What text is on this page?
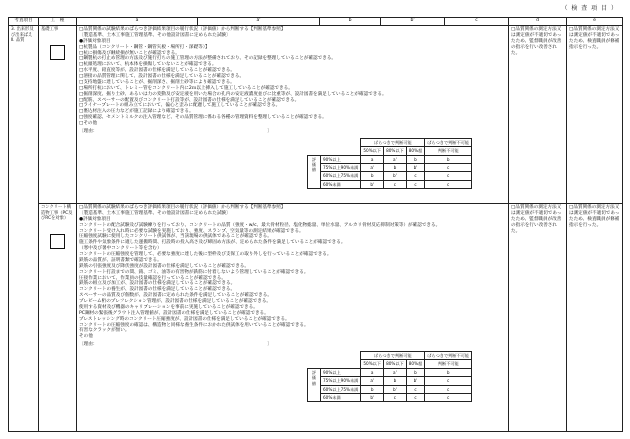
（ 検 査 項 目 ）
考査項目	工　種	a	a'	b	b'	c	d	e
3. 出来形及び出来ばえ　Ⅱ. 品質	基礎工事	□品質関係の試験結果のばらつき評価結果項目の履行状況（評価値）から判断する【判断基準参照】
〔製造基準、土木工事施工管理基準、その他設計図書に定められた試験〕
●評価対象項目
□杭製品（コンクリート・鋼管・鋼管矢板・場所打・深礎等）】
□杭に損傷及び継続損が無いことが確認できる。
□鋼製杭の打止め管理の方法及び施行打ちの施工管理の方法が整備されており、その記録を整理していることが確認できる。
□杭頭処理において、杭本体を損傷していないことが確認できる。
□水平度、鉛直度等が、設計図書の仕様を満足していることが確認できる。
□溶接の品質管理に関して、設計図書の仕様を満足していることが確認できる。
□支持地盤に達していることが、掘削深さ、掘削土砂等により確認できる。
□場所打杭において、トレミー管をコンクリート内に2ｍ以上挿入して施工していることが確認できる。
□掘削深度、掘り土砂、あるいは力の変動及び安定液を用いた場合の孔内の安定液濃度並びに比重等が、設計図書を満足していることが確認できる。
□配筋、スペーサーの配置及びコンクリート打設等が、設計図書の仕様を満足していることが確認できる。
□ライナープレートの組み立てにおいて、偏心と歪みに配慮して施工していることが確認できる。
□裏込材注入の圧力などが施工記録により確認できる。
□強度確認、セメントミルクの注入管理など、その品質管理に係わる各種の管理資料を整理していることが確認できる。
□その他
〔理由：	〕
		ばらつきで判断可能	ばらつきで判断不可能
		50%以下	80%以下	80%超	判断不可能
評価値	90%以上	a	a'	b	b
75%以上90%未満	a'	b	b'	c
60%以上75%未満	b	b'	c	c
60%未満	b'	c	c	c
	□品質関係の測定方法又は測定値が不適切であったため、監督職員が改善の指示を行い改善された。	□品質関係の測定方法又は測定値が不適切であったため、検査職員が修補指示を行った。
コンクリート構造物工事（PC及びRCを対象）

□品質関係の試験結果のばらつき評価結果項目の履行状況（評価値）から判断する【判断基準参照】
〔製造基準、土木工事施工管理基準、その他設計図書に定められた試験〕
●評価対象項目
コンクリートの配合試験及び試験練りを行っており、コンクリートの品質（強度・w/c、最大骨材粒径、塩化物総量、単位水量、アルカリ骨材反応抑制対策等）が確認できる。
コンクリート受け入れ時に必要な試験を実施しており、強度、スランプ、空気量等の測定結果が確認できる。
圧縮強度試験に使用したコンクリート供試体が、当該現場の供試体であることが確認できる。
施工条件や気象条件に適した運搬時間、打設時の投入高さ及び締固め方法が、定められた条件を満足していることが確認できる。
（寒中及び暑中コンクリート等を含む）
コンクリートの圧縮強度を管理して、必要な強度に達した後に型枠及び支保工の取り外しを行っていることが確認できる。
鉄筋の品質が、証明書類で確認できる。
鉄筋の引張強度及び降伏強度が設計図書の仕様を満足していることが確認できる。
コンクリート打設までの間、錆、ゴミ、油等の有害物が鉄筋に付着しないよう管理していることが確認できる。
圧接作業において、作業員の技量確認を行っていることが確認できる。
鉄筋の組立及び加工が、設計図書の仕様を満足していることが確認できる。
コンクリートの養生が、設計図書の仕様を満足していることが確認できる。
スペーサーの品質及び個数が、設計図書に定められた条件を満足していることが確認できる。
プレビーム桁のプレフレクション管理が、設計図書の仕様を満足していることが確認できる。
使用する資材及び機器のキャリブレーションを事前に実施していることが確認できる。
PC鋼材の緊張後グラウト注入管理値が、設計図書の仕様を満足していることが確認できる。
プレストレッシング時のコンクリート圧縮強度が、設計図書の仕様を満足していることが確認できる。
コンクリートの圧縮強度の確認は、構造物と同様な養生条件におかれた供試体を用いていることが確認できる。
有害なクラックが無い。
その他
〔理由：	〕
		ばらつきで判断可能	ばらつきで判断不可能
		50%以下	80%以下	80%超	判断不可能
評価値	90%以上	a	a'	b	b
75%以上90%未満	a'	b	b'	c
60%以上75%未満	b	b'	c	c
60%未満	b'	c	c	c
	□品質関係の測定方法又は測定値が不適切であったため、監督職員が改善の指示を行い改善された。	□品質関係の測定方法又は測定値が不適切であったため、検査職員が修補指示を行った。
